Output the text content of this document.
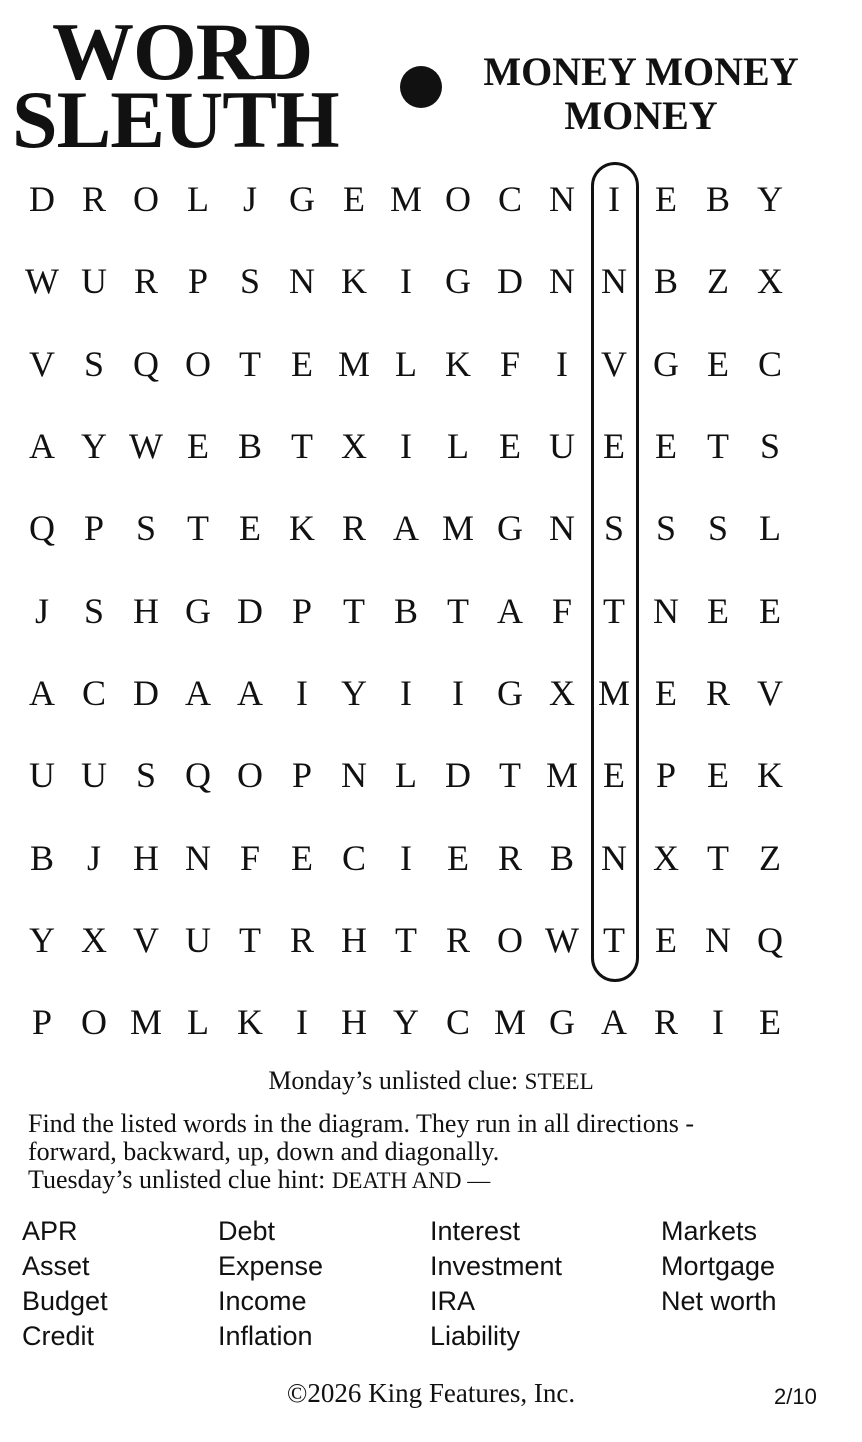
WORD
SLEUTH
MONEY MONEY
MONEY
D R O L J G E M O C N I E B Y
W U R P S N K I G D N N B Z X
V S Q O T E M L K F I V G E C
A Y W E B T X I L E U E E T S
Q P S T E K R A M G N S S S L
J S H G D P T B T A F T N E E
A C D A A I Y I	I G X M E R V
U U S Q O P N L D T M E P E K
B J H N F E C I E R B N X T Z
Y X V U T R H T R O W T E N Q
P O M L K I H Y C M G A R I E
Monday’s unlisted clue: STEEL
Find the listed words in the diagram. They run in all directions -
forward, backward, up, down and diagonally.
Tuesday’s unlisted clue hint: DEATH AND —
APR
Asset
Budget
Credit
Debt
Expense
Income
Inflation
Interest
Investment
IRA
Liability
Markets
Mortgage
Net worth
©2026 King Features, Inc.	2/10
